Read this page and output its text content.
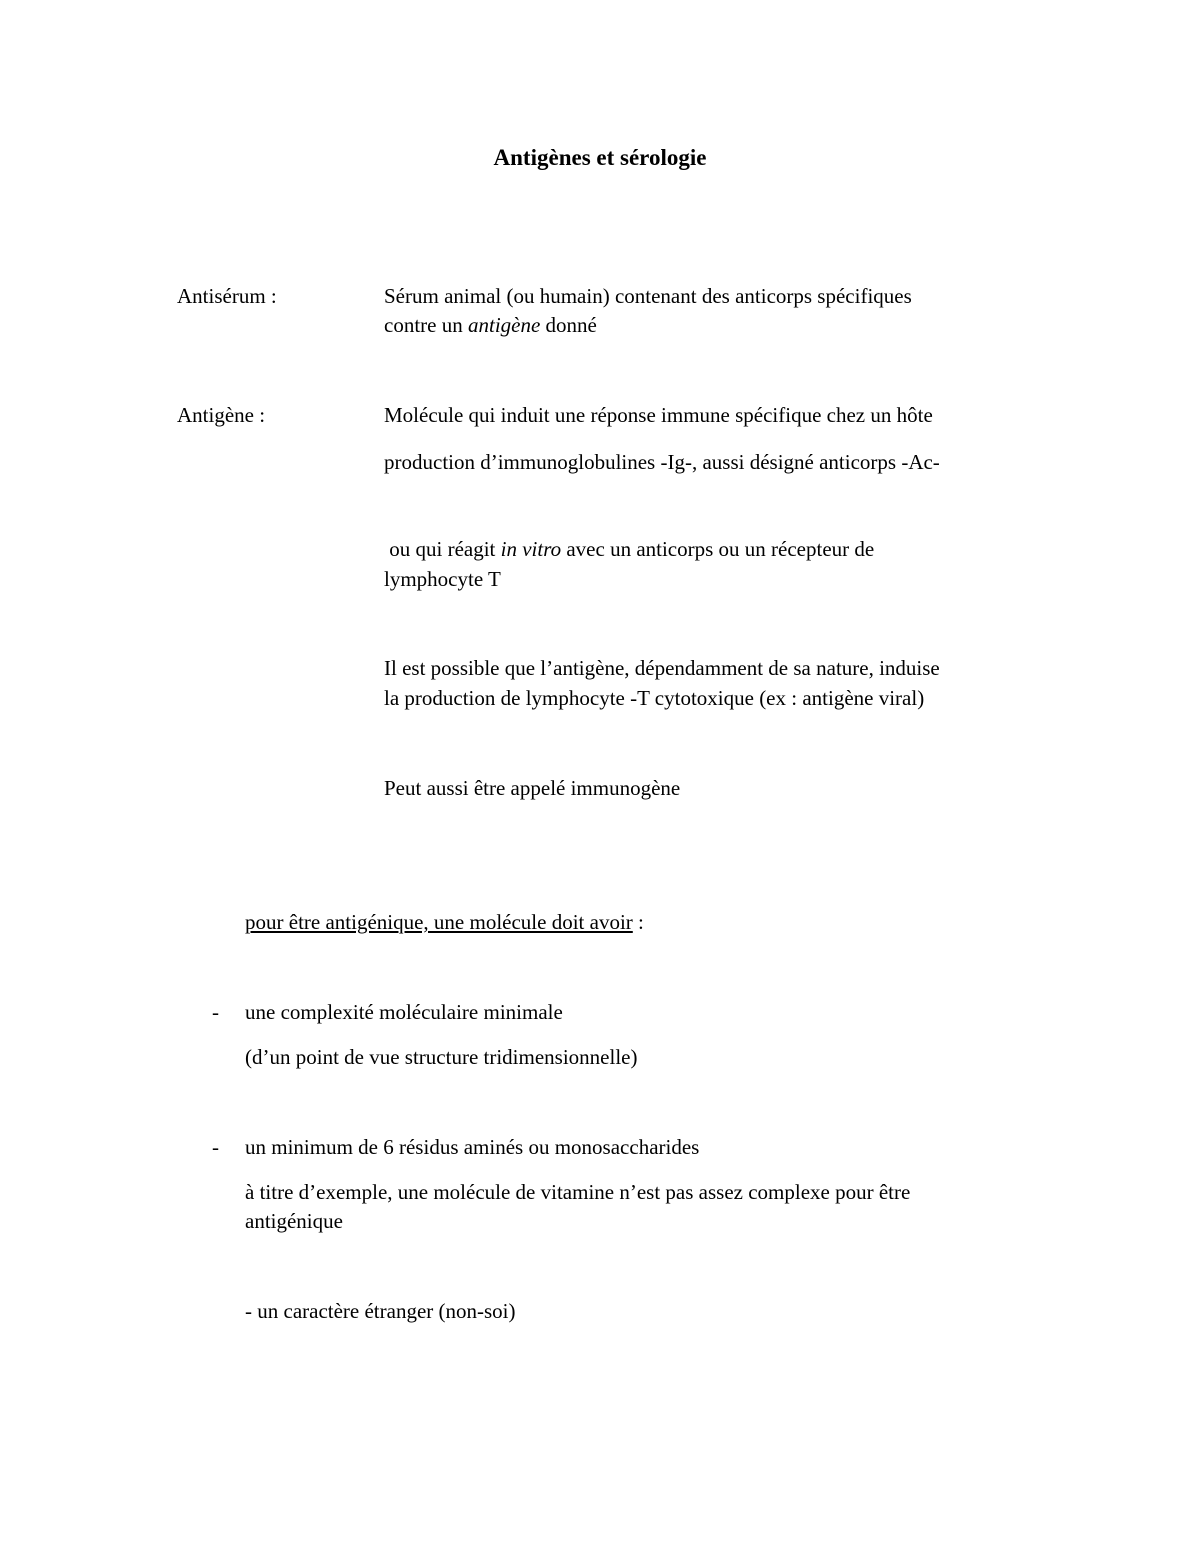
Antigènes et sérologie
Antisérum :	Sérum animal (ou humain) contenant des anticorps spécifiques
contre un antigène donné
Antigène :	Molécule qui induit une réponse immune spécifique chez un hôte
production d’immunoglobulines -Ig-, aussi désigné anticorps -Ac-
ou qui réagit in vitro avec un anticorps ou un récepteur de
lymphocyte T
Il est possible que l’antigène, dépendamment de sa nature, induise
la production de lymphocyte -T cytotoxique (ex : antigène viral)
Peut aussi être appelé immunogène
pour être antigénique, une molécule doit avoir :
- une complexité moléculaire minimale
(d’un point de vue structure tridimensionnelle)
- un minimum de 6 résidus aminés ou monosaccharides
à titre d’exemple, une molécule de vitamine n’est pas assez complexe pour être
antigénique
- un caractère étranger (non-soi)
